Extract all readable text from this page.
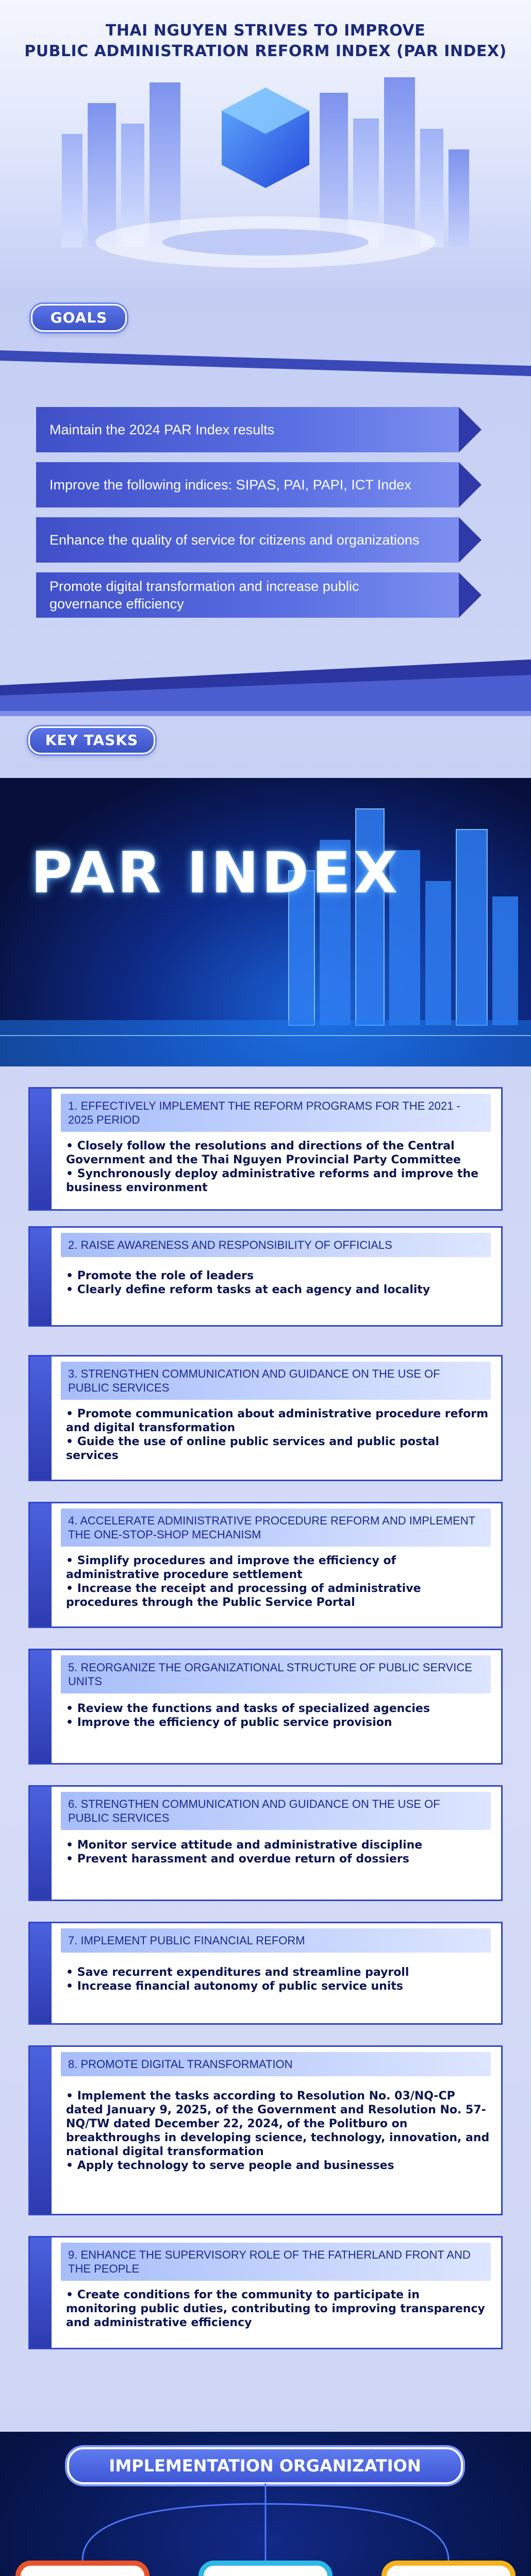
THAI NGUYEN STRIVES TO IMPROVE
PUBLIC ADMINISTRATION REFORM INDEX (PAR INDEX)
GOALS
Maintain the 2024 PAR Index results
Improve the following indices: SIPAS, PAI, PAPI, ICT Index
Enhance the quality of service for citizens and organizations
Promote digital transformation and increase public governance efficiency
KEY TASKS
PAR INDEX
1. EFFECTIVELY IMPLEMENT THE REFORM PROGRAMS FOR THE 2021 - 2025 PERIOD
• Closely follow the resolutions and directions of the Central Government and the Thai Nguyen Provincial Party Committee
• Synchronously deploy administrative reforms and improve the business environment
2. RAISE AWARENESS AND RESPONSIBILITY OF OFFICIALS
• Promote the role of leaders
• Clearly define reform tasks at each agency and locality
3. STRENGTHEN COMMUNICATION AND GUIDANCE ON THE USE OF PUBLIC SERVICES
• Promote communication about administrative procedure reform and digital transformation
• Guide the use of online public services and public postal services
4. ACCELERATE ADMINISTRATIVE PROCEDURE REFORM AND IMPLEMENT THE ONE-STOP-SHOP MECHANISM
• Simplify procedures and improve the efficiency of administrative procedure settlement
• Increase the receipt and processing of administrative procedures through the Public Service Portal
5. REORGANIZE THE ORGANIZATIONAL STRUCTURE OF PUBLIC SERVICE UNITS
• Review the functions and tasks of specialized agencies
• Improve the efficiency of public service provision
6. STRENGTHEN COMMUNICATION AND GUIDANCE ON THE USE OF PUBLIC SERVICES
• Monitor service attitude and administrative discipline
• Prevent harassment and overdue return of dossiers
7. IMPLEMENT PUBLIC FINANCIAL REFORM
• Save recurrent expenditures and streamline payroll
• Increase financial autonomy of public service units
8. PROMOTE DIGITAL TRANSFORMATION
• Implement the tasks according to Resolution No. 03/NQ-CP dated January 9, 2025, of the Government and Resolution No. 57-NQ/TW dated December 22, 2024, of the Politburo on breakthroughs in developing science, technology, innovation, and national digital transformation
• Apply technology to serve people and businesses
9. ENHANCE THE SUPERVISORY ROLE OF THE FATHERLAND FRONT AND THE PEOPLE
• Create conditions for the community to participate in monitoring public duties, contributing to improving transparency and administrative efficiency
IMPLEMENTATION ORGANIZATION
